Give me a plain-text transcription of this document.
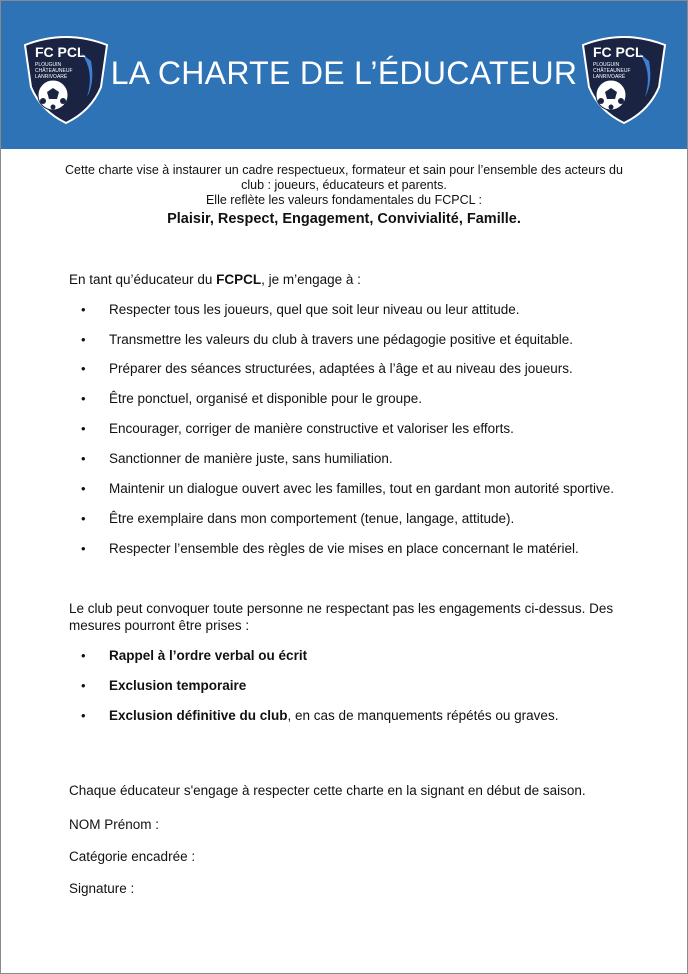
FC PCL
PLOUGUIN
CHÂTEAUNEUF
LANRIVOARÉ	LA CHARTE DE L’ÉDUCATEUR
FC PCL
PLOUGUIN
CHÂTEAUNEUF
LANRIVOARÉ
Cette charte vise à instaurer un cadre respectueux, formateur et sain pour l’ensemble des acteurs du
club : joueurs, éducateurs et parents.
Elle reflète les valeurs fondamentales du FCPCL :
Plaisir, Respect, Engagement, Convivialité, Famille.
En tant qu’éducateur du FCPCL, je m’engage à :
• Respecter tous les joueurs, quel que soit leur niveau ou leur attitude.
• Transmettre les valeurs du club à travers une pédagogie positive et équitable.
• Préparer des séances structurées, adaptées à l’âge et au niveau des joueurs.
• Être ponctuel, organisé et disponible pour le groupe.
• Encourager, corriger de manière constructive et valoriser les efforts.
• Sanctionner de manière juste, sans humiliation.
• Maintenir un dialogue ouvert avec les familles, tout en gardant mon autorité sportive.
• Être exemplaire dans mon comportement (tenue, langage, attitude).
• Respecter l’ensemble des règles de vie mises en place concernant le matériel.
Le club peut convoquer toute personne ne respectant pas les engagements ci-dessus. Des
mesures pourront être prises :
• Rappel à l’ordre verbal ou écrit
• Exclusion temporaire
• Exclusion définitive du club, en cas de manquements répétés ou graves.
Chaque éducateur s'engage à respecter cette charte en la signant en début de saison.
NOM Prénom :
Catégorie encadrée :
Signature :
